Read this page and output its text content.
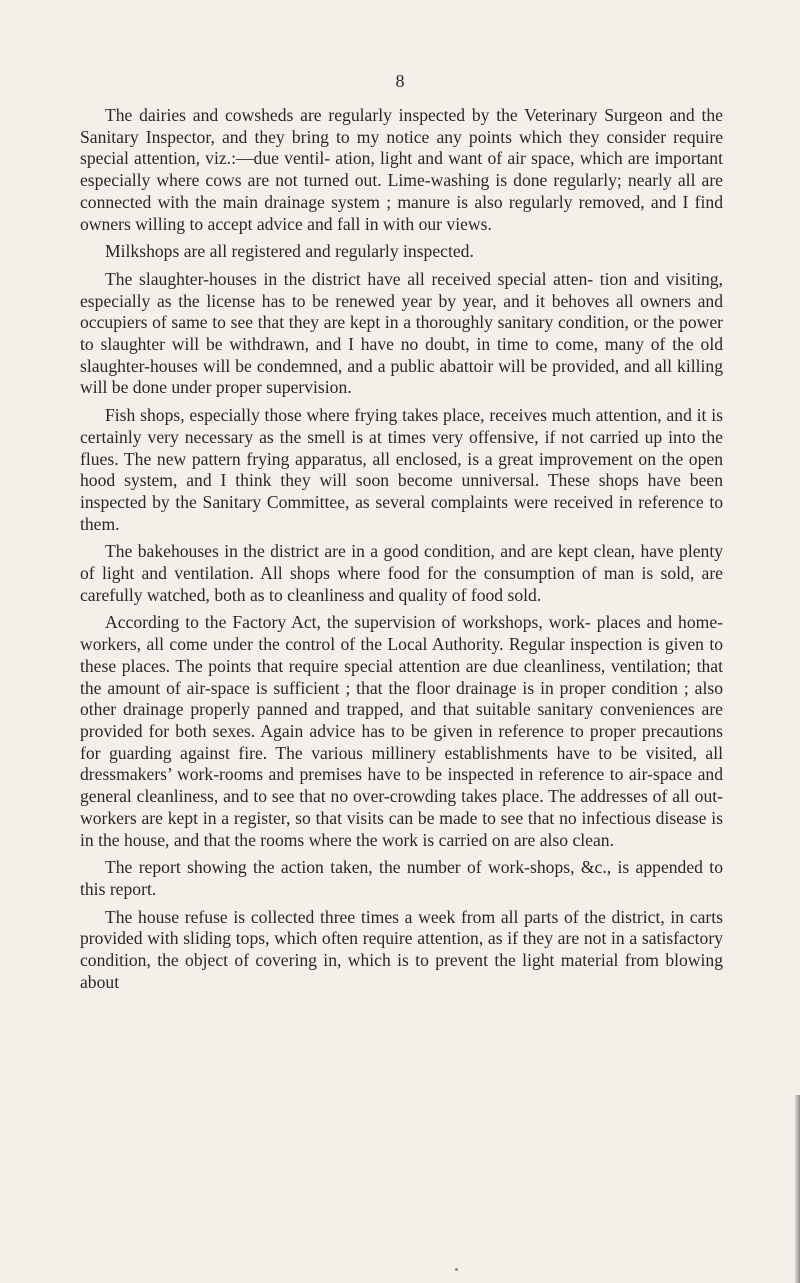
8

The dairies and cowsheds are regularly inspected by the Veterinary Surgeon and the Sanitary Inspector, and they bring to my notice any points which they consider require special attention, viz.:—due ventil- ation, light and want of air space, which are important especially where cows are not turned out. Lime-washing is done regularly; nearly all are connected with the main drainage system ; manure is also regularly removed, and I find owners willing to accept advice and fall in with our views.

Milkshops are all registered and regularly inspected.

The slaughter-houses in the district have all received special atten- tion and visiting, especially as the license has to be renewed year by year, and it behoves all owners and occupiers of same to see that they are kept in a thoroughly sanitary condition, or the power to slaughter will be withdrawn, and I have no doubt, in time to come, many of the old slaughter-houses will be condemned, and a public abattoir will be provided, and all killing will be done under proper supervision.

Fish shops, especially those where frying takes place, receives much attention, and it is certainly very necessary as the smell is at times very offensive, if not carried up into the flues. The new pattern frying apparatus, all enclosed, is a great improvement on the open hood system, and I think they will soon become unniversal. These shops have been inspected by the Sanitary Committee, as several complaints were received in reference to them.

The bakehouses in the district are in a good condition, and are kept clean, have plenty of light and ventilation. All shops where food for the consumption of man is sold, are carefully watched, both as to cleanliness and quality of food sold.

According to the Factory Act, the supervision of workshops, work- places and home-workers, all come under the control of the Local Authority. Regular inspection is given to these places. The points that require special attention are due cleanliness, ventilation; that the amount of air-space is sufficient ; that the floor drainage is in proper condition ; also other drainage properly panned and trapped, and that suitable sanitary conveniences are provided for both sexes. Again advice has to be given in reference to proper precautions for guarding against fire. The various millinery establishments have to be visited, all dressmakers’ work-rooms and premises have to be inspected in reference to air-space and general cleanliness, and to see that no over-crowding takes place. The addresses of all out-workers are kept in a register, so that visits can be made to see that no infectious disease is in the house, and that the rooms where the work is carried on are also clean.

The report showing the action taken, the number of work-shops, &c., is appended to this report.

The house refuse is collected three times a week from all parts of the district, in carts provided with sliding tops, which often require attention, as if they are not in a satisfactory condition, the object of covering in, which is to prevent the light material from blowing about
